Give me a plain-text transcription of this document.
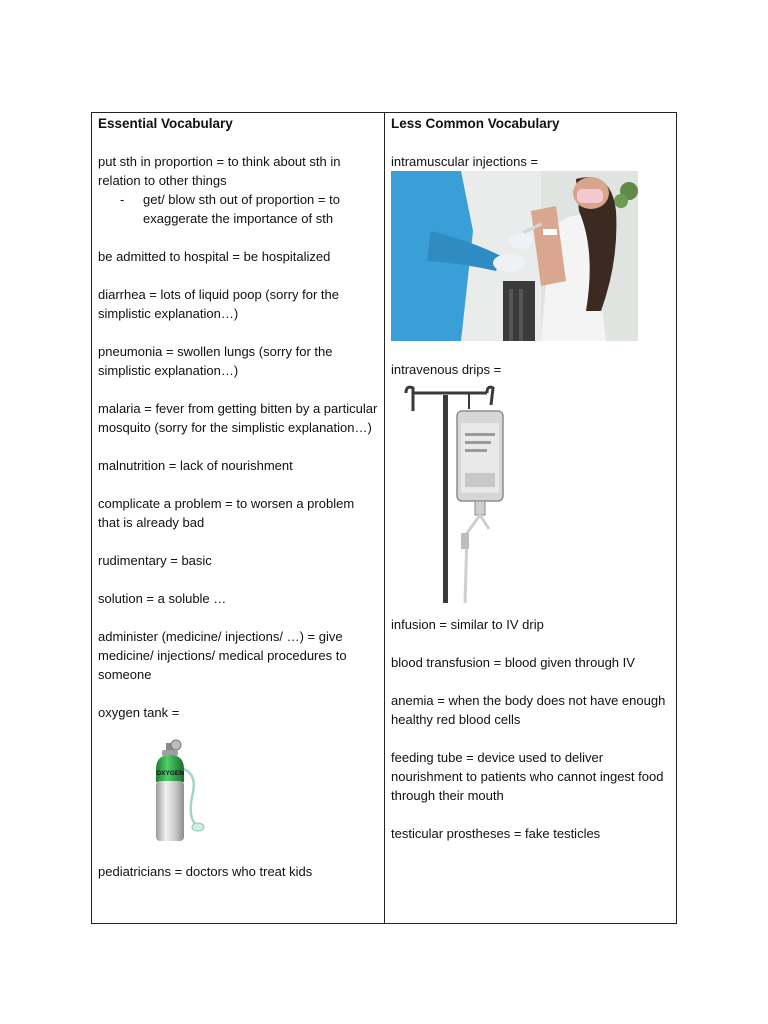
Essential Vocabulary

put sth in proportion = to think about sth in relation to other things

- get/ blow sth out of proportion = to exaggerate the importance of sth

be admitted to hospital = be hospitalized

diarrhea = lots of liquid poop (sorry for the simplistic explanation…)

pneumonia = swollen lungs (sorry for the simplistic explanation…)

malaria = fever from getting bitten by a particular mosquito (sorry for the simplistic explanation…)

malnutrition = lack of nourishment

complicate a problem = to worsen a problem that is already bad

rudimentary = basic

solution = a soluble …

administer (medicine/ injections/ …) = give medicine/ injections/ medical procedures to someone

oxygen tank =

OXYGEN

pediatricians = doctors who treat kids

Less Common Vocabulary

intramuscular injections =

intravenous drips =

infusion = similar to IV drip

blood transfusion = blood given through IV

anemia = when the body does not have enough healthy red blood cells

feeding tube = device used to deliver nourishment to patients who cannot ingest food through their mouth

testicular prostheses = fake testicles
